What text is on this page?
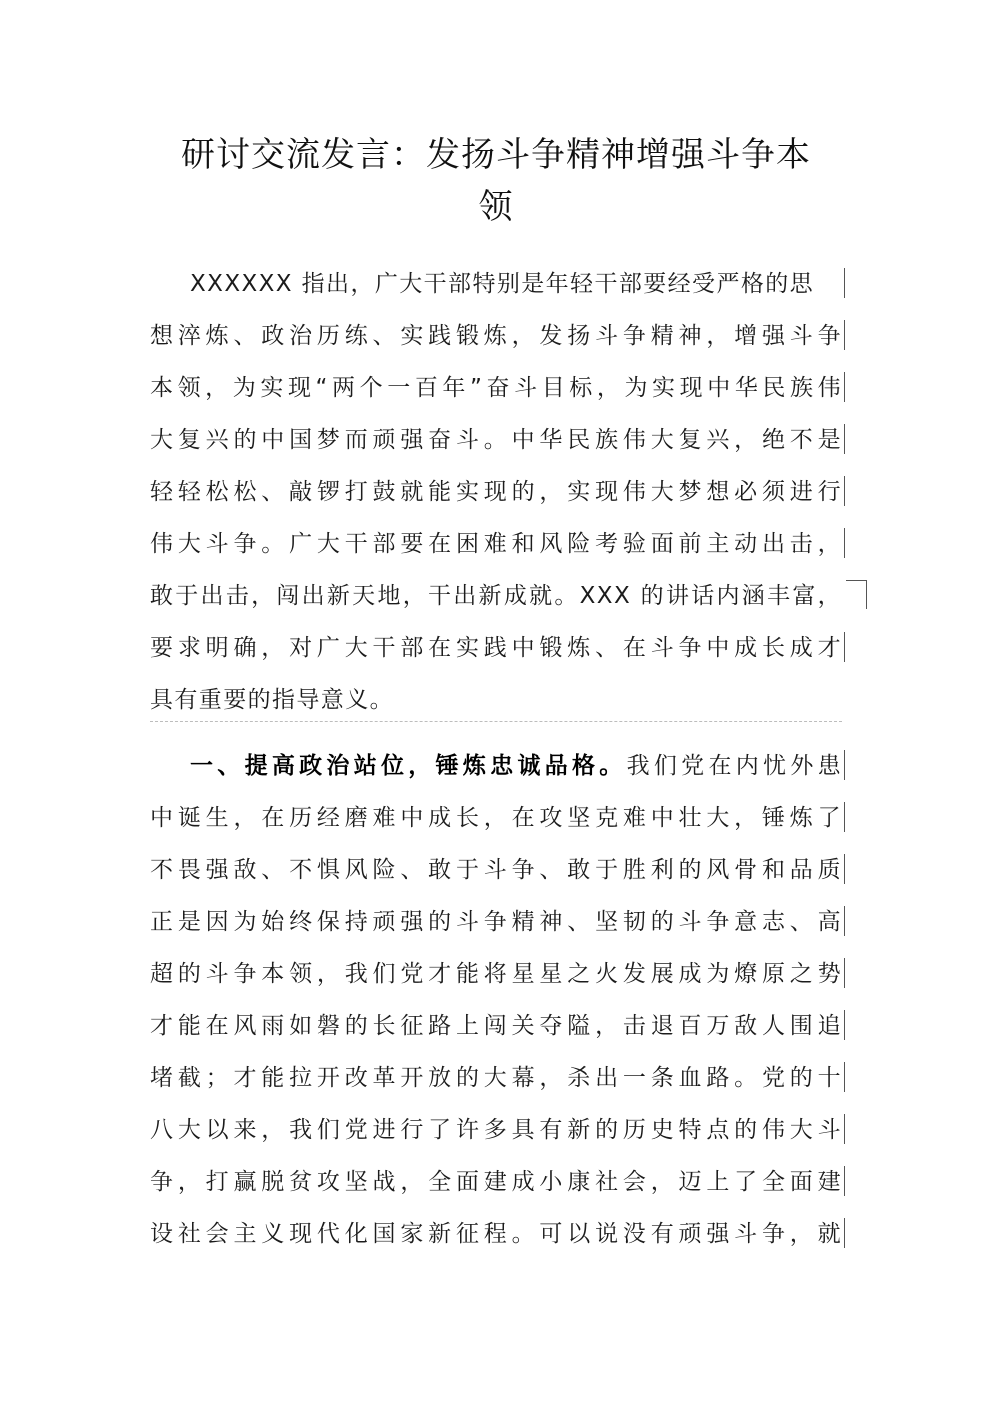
研讨交流发言：发扬斗争精神增强斗争本
领
XXXXXX 指出，广大干部特别是年轻干部要经受严格的思
想淬炼、政治历练、实践锻炼，发扬斗争精神，增强斗争
本领，为实现“两个一百年”奋斗目标，为实现中华民族伟
大复兴的中国梦而顽强奋斗。中华民族伟大复兴，绝不是
轻轻松松、敲锣打鼓就能实现的，实现伟大梦想必须进行
伟大斗争。广大干部要在困难和风险考验面前主动出击，
敢于出击，闯出新天地，干出新成就。XXX 的讲话内涵丰富，
要求明确，对广大干部在实践中锻炼、在斗争中成长成才
具有重要的指导意义。
一、提高政治站位，锤炼忠诚品格。我们党在内忧外患
中诞生，在历经磨难中成长，在攻坚克难中壮大，锤炼了
不畏强敌、不惧风险、敢于斗争、敢于胜利的风骨和品质
正是因为始终保持顽强的斗争精神、坚韧的斗争意志、高
超的斗争本领，我们党才能将星星之火发展成为燎原之势
才能在风雨如磐的长征路上闯关夺隘，击退百万敌人围追
堵截；才能拉开改革开放的大幕，杀出一条血路。党的十
八大以来，我们党进行了许多具有新的历史特点的伟大斗
争，打赢脱贫攻坚战，全面建成小康社会，迈上了全面建
设社会主义现代化国家新征程。可以说没有顽强斗争，就
